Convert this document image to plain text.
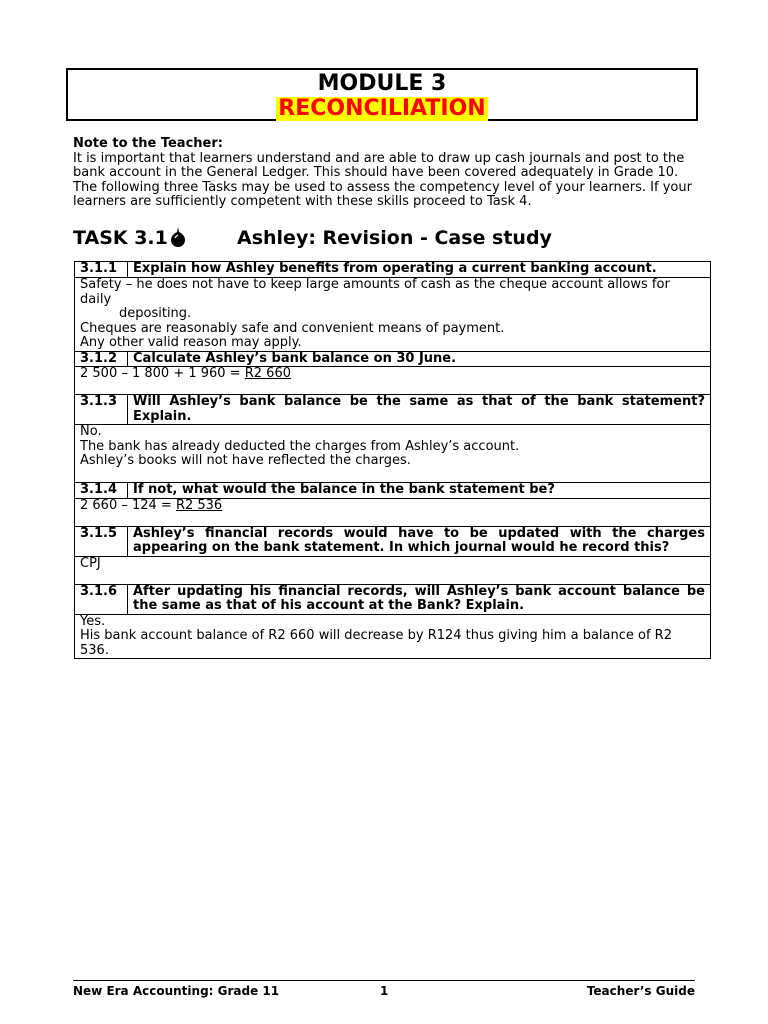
MODULE 3
RECONCILIATION
Note to the Teacher:
It is important that learners understand and are able to draw up cash journals and post to the bank account in the General Ledger. This should have been covered adequately in Grade 10. The following three Tasks may be used to assess the competency level of your learners. If your learners are sufficiently competent with these skills proceed to Task 4.
TASK 3.1	Ashley: Revision - Case study
3.1.1	Explain how Ashley benefits from operating a current banking account.

Safety – he does not have to keep large amounts of cash as the cheque account allows for daily
depositing.
Cheques are reasonably safe and convenient means of payment.
Any other valid reason may apply.	

3.1.2	Calculate Ashley’s bank balance on 30 June.
2 500 – 1 800 + 1 960 = R2 660	
3.1.3	Will Ashley’s bank balance be the same as that of the bank statement? Explain.

No.
The bank has already deducted the charges from Ashley’s account.
Ashley’s books will not have reflected the charges.	

3.1.4	If not, what would the balance in the bank statement be?
2 660 – 124 = R2 536	
3.1.5	Ashley’s financial records would have to be updated with the charges appearing on the bank statement. In which journal would he record this?

CPJ	

3.1.6	After updating his financial records, will Ashley’s bank account balance be the same as that of his account at the Bank? Explain.

Yes.
His bank account balance of R2 660 will decrease by R124 thus giving him a balance of R2 536.	
New Era Accounting: Grade 11	1	Teacher’s Guide
